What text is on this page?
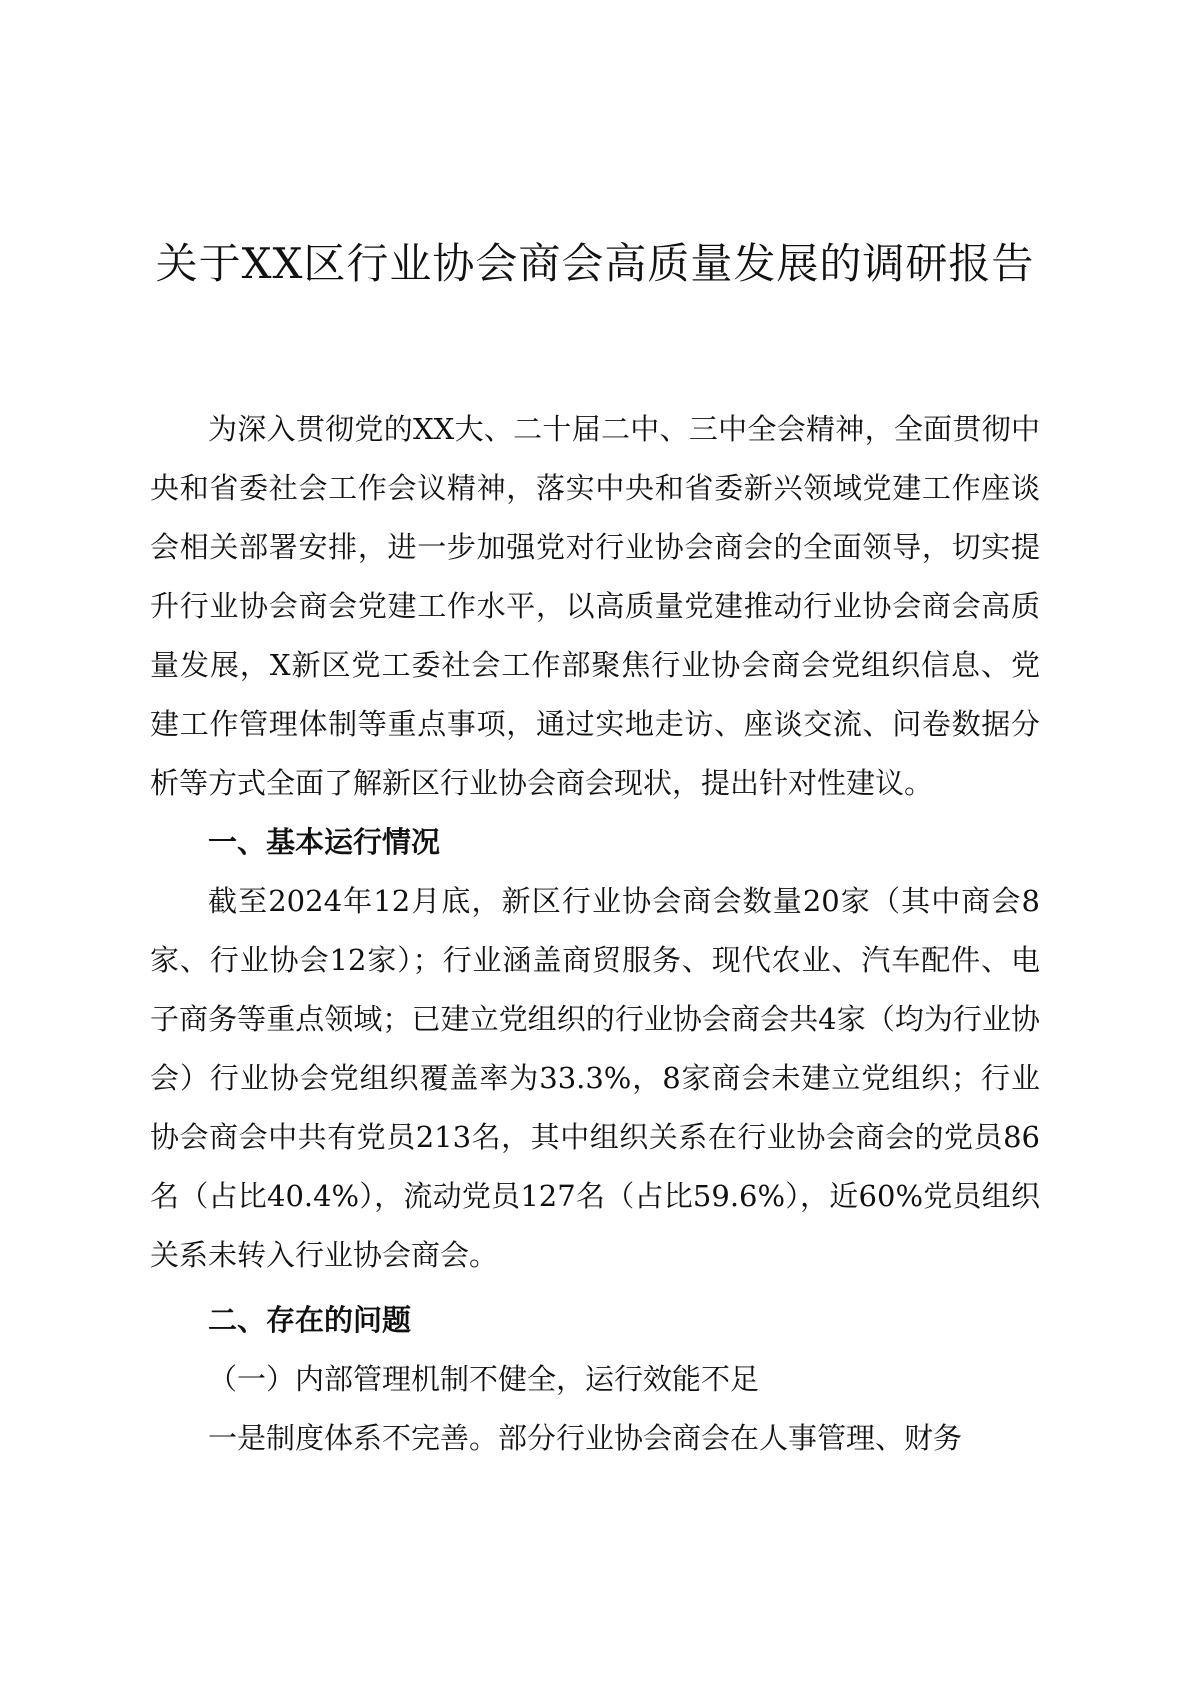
关于XX区行业协会商会高质量发展的调研报告

为深入贯彻党的XX大、二十届二中、三中全会精神，全面贯彻中央和省委社会工作会议精神，落实中央和省委新兴领域党建工作座谈会相关部署安排，进一步加强党对行业协会商会的全面领导，切实提升行业协会商会党建工作水平，以高质量党建推动行业协会商会高质量发展，X新区党工委社会工作部聚焦行业协会商会党组织信息、党建工作管理体制等重点事项，通过实地走访、座谈交流、问卷数据分析等方式全面了解新区行业协会商会现状，提出针对性建议。

一、基本运行情况

截至2024年12月底，新区行业协会商会数量20家（其中商会8家、行业协会12家）；行业涵盖商贸服务、现代农业、汽车配件、电子商务等重点领域；已建立党组织的行业协会商会共4家（均为行业协会）行业协会党组织覆盖率为33.3%，8家商会未建立党组织；行业协会商会中共有党员213名，其中组织关系在行业协会商会的党员86名（占比40.4%），流动党员127名（占比59.6%），近60%党员组织关系未转入行业协会商会。

二、存在的问题

（一）内部管理机制不健全，运行效能不足

一是制度体系不完善。部分行业协会商会在人事管理、财务
